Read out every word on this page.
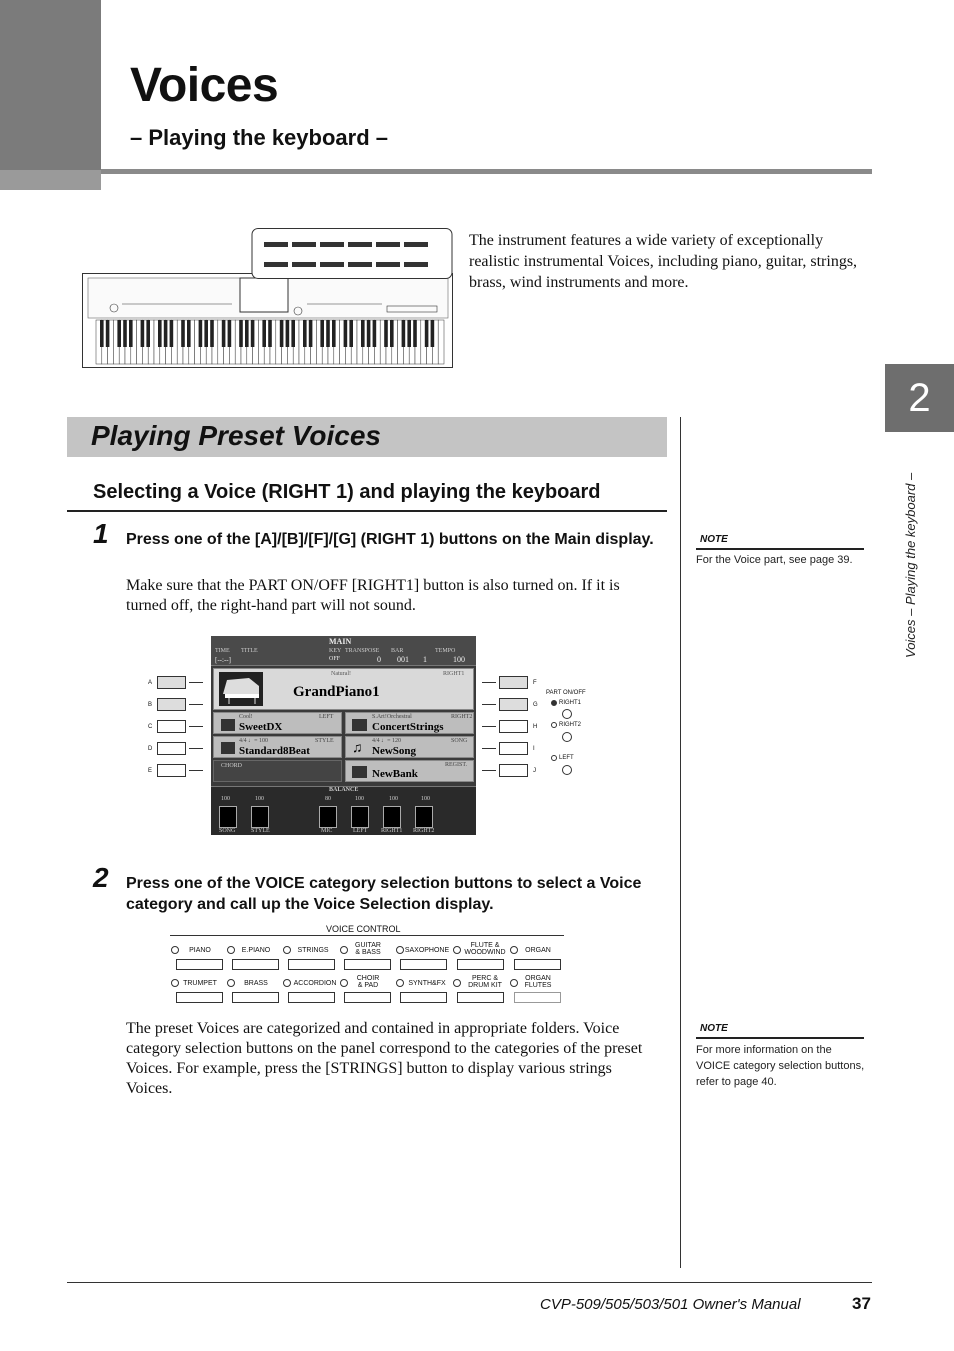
Voices
– Playing the keyboard –
The instrument features a wide variety of exceptionally realistic instrumental Voices, including piano, guitar, strings, brass, wind instruments and more.
2
Voices – Playing the keyboard –
Playing Preset Voices
Selecting a Voice (RIGHT 1) and playing the keyboard
1 Press one of the [A]/[B]/[F]/[G] (RIGHT 1) buttons on the Main display.
Make sure that the PART ON/OFF [RIGHT1] button is also turned on. If it is turned off, the right-hand part will not sound.
A
B
C
D
E
MAIN
TIME TITLE	KEY TRANSPOSE BAR	TEMPO
[--:--]	OFF	0 001 1	100
Natural!	RIGHT1
GrandPiano1
Cool!	LEFT
SweetDX
S.Art!Orchestral	RIGHT2
ConcertStrings
4/4 ♩= 100	STYLE
Standard8Beat	♫ 4/4 ♩= 120	SONG
NewSong
CHORD	REGIST.
NewBank
BALANCE
100	100	80	100	100	100
SONG	STYLE	MIC	LEFT RIGHT1 RIGHT2
F
G
H
I
J
PART ON/OFF
RIGHT1
RIGHT2
LEFT
NOTE
For the Voice part, see page 39.
2 Press one of the VOICE category selection buttons to select a Voice category and call up the Voice Selection display.
VOICE CONTROL
PIANO	E.PIANO	STRINGS
GUITAR
& BASS	SAXOPHONE
FLUTE &
WOODWIND	ORGAN
TRUMPET	BRASS	ACCORDION
CHOIR
& PAD	SYNTH&FX
PERC &
DRUM KIT
ORGAN
FLUTES
The preset Voices are categorized and contained in appropriate folders. Voice category selection buttons on the panel correspond to the categories of the preset Voices. For example, press the [STRINGS] button to display various strings Voices.
NOTE
For more information on the VOICE category selection buttons, refer to page 40.
CVP-509/505/503/501 Owner's Manual	37
